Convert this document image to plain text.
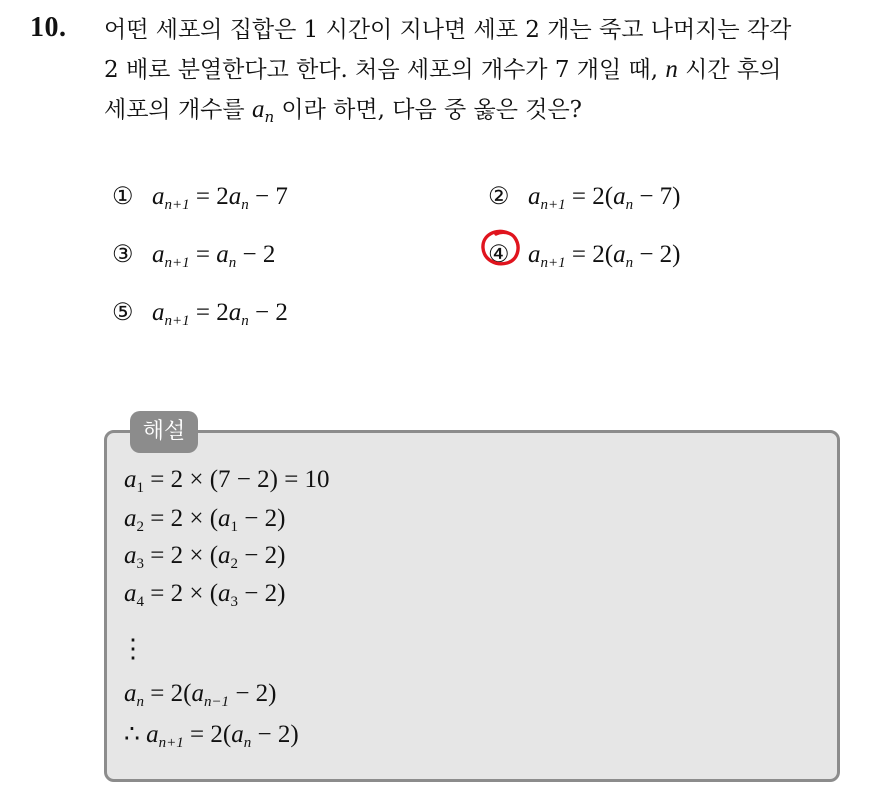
10. 어떤 세포의 집합은 1 시간이 지나면 세포 2 개는 죽고 나머지는 각각
2 배로 분열한다고 한다. 처음 세포의 개수가 7 개일 때, n 시간 후의
세포의 개수를 $a_n$ 이라 하면, 다음 중 옳은 것은?
① $a_{n+1} = 2a_n - 7$	② $a_{n+1} = 2(a_n - 7)$
③ $a_{n+1} = a_n - 2$	④ $a_{n+1} = 2(a_n - 2)$
⑤ $a_{n+1} = 2a_n - 2$
해설
$a_1 = 2 \times (7 - 2) = 10$
$a_2 = 2 \times (a_1 - 2)$
$a_3 = 2 \times (a_2 - 2)$
$a_4 = 2 \times (a_3 - 2)$
⋮
$a_n = 2(a_{n-1} - 2)$
∴ $a_{n+1} = 2(a_n - 2)$
